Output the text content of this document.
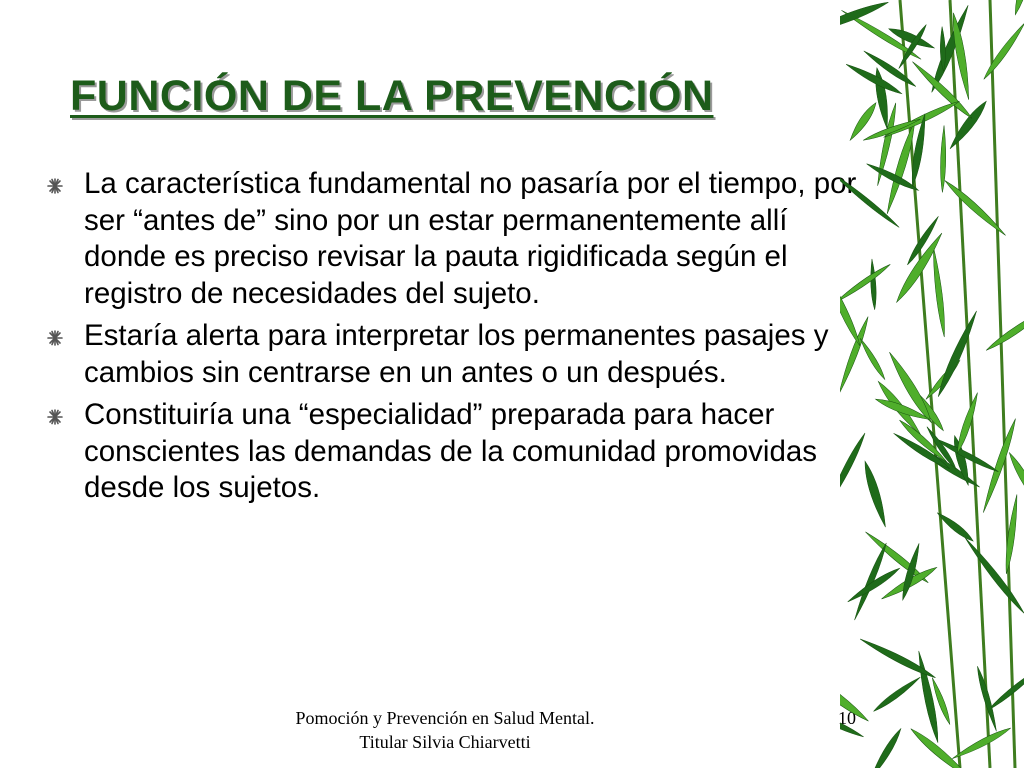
FUNCIÓN DE LA PREVENCIÓN
La característica fundamental no pasaría por el tiempo, por ser “antes de” sino por un estar permanentemente allí donde es preciso revisar la pauta rigidificada según el registro de necesidades del sujeto.
Estaría alerta para interpretar los permanentes pasajes y cambios sin centrarse en un antes o un después.
Constituiría una “especialidad” preparada para hacer conscientes las demandas de la comunidad promovidas desde los sujetos.
Pomoción y Prevención en Salud Mental.
Titular Silvia Chiarvetti
10
